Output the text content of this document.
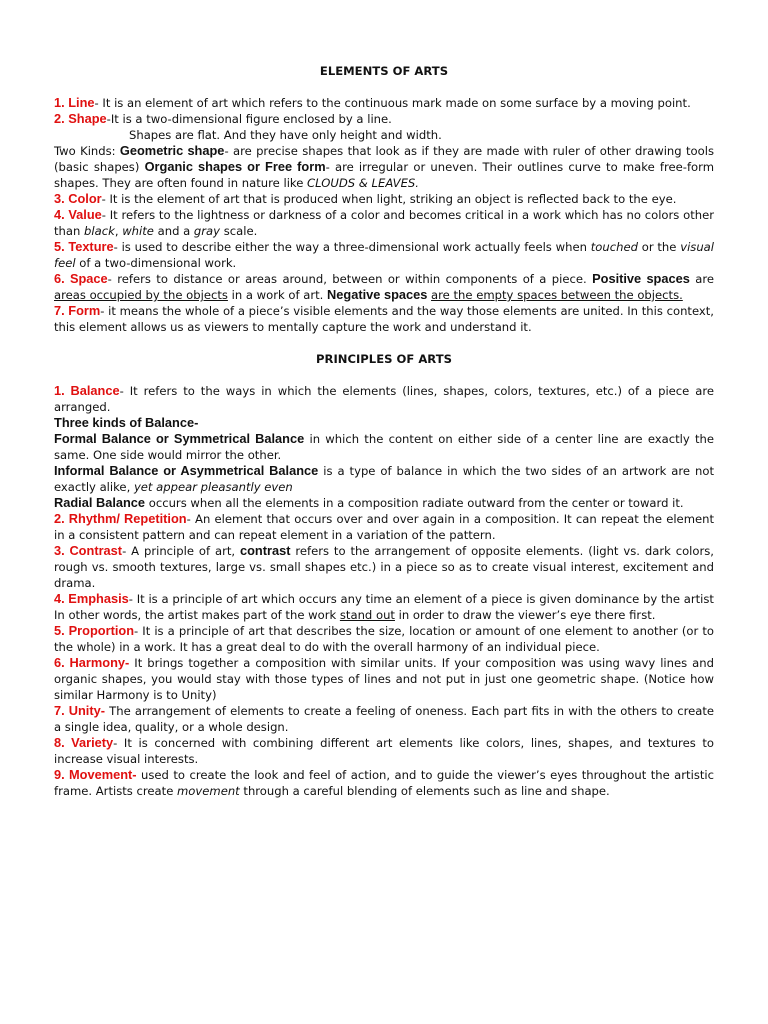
ELEMENTS OF ARTS

1. Line- It is an element of art which refers to the continuous mark made on some surface by a moving point.

2. Shape-It is a two-dimensional figure enclosed by a line.

Shapes are flat. And they have only height and width.

Two Kinds: Geometric shape- are precise shapes that look as if they are made with ruler of other drawing tools (basic shapes) Organic shapes or Free form- are irregular or uneven. Their outlines curve to make free-form shapes. They are often found in nature like CLOUDS & LEAVES.

3. Color- It is the element of art that is produced when light, striking an object is reflected back to the eye.

4. Value- It refers to the lightness or darkness of a color and becomes critical in a work which has no colors other than black, white and a gray scale.

5. Texture- is used to describe either the way a three-dimensional work actually feels when touched or the visual feel of a two-dimensional work.

6. Space- refers to distance or areas around, between or within components of a piece. Positive spaces are areas occupied by the objects in a work of art. Negative spaces are the empty spaces between the objects.

7. Form- it means the whole of a piece’s visible elements and the way those elements are united. In this context, this element allows us as viewers to mentally capture the work and understand it.

PRINCIPLES OF ARTS

1. Balance- It refers to the ways in which the elements (lines, shapes, colors, textures, etc.) of a piece are arranged.

Three kinds of Balance-

Formal Balance or Symmetrical Balance in which the content on either side of a center line are exactly the same. One side would mirror the other.

Informal Balance or Asymmetrical Balance is a type of balance in which the two sides of an artwork are not exactly alike, yet appear pleasantly even

Radial Balance occurs when all the elements in a composition radiate outward from the center or toward it.

2. Rhythm/ Repetition- An element that occurs over and over again in a composition. It can repeat the element in a consistent pattern and can repeat element in a variation of the pattern.

3. Contrast- A principle of art, contrast refers to the arrangement of opposite elements. (light vs. dark colors, rough vs. smooth textures, large vs. small shapes etc.) in a piece so as to create visual interest, excitement and drama.

4. Emphasis- It is a principle of art which occurs any time an element of a piece is given dominance by the artist In other words, the artist makes part of the work stand out in order to draw the viewer’s eye there first.

5. Proportion- It is a principle of art that describes the size, location or amount of one element to another (or to the whole) in a work. It has a great deal to do with the overall harmony of an individual piece.

6. Harmony- It brings together a composition with similar units. If your composition was using wavy lines and organic shapes, you would stay with those types of lines and not put in just one geometric shape. (Notice how similar Harmony is to Unity)

7. Unity- The arrangement of elements to create a feeling of oneness. Each part fits in with the others to create a single idea, quality, or a whole design.

8. Variety- It is concerned with combining different art elements like colors, lines, shapes, and textures to increase visual interests.

9. Movement- used to create the look and feel of action, and to guide the viewer’s eyes throughout the artistic frame. Artists create movement through a careful blending of elements such as line and shape.
